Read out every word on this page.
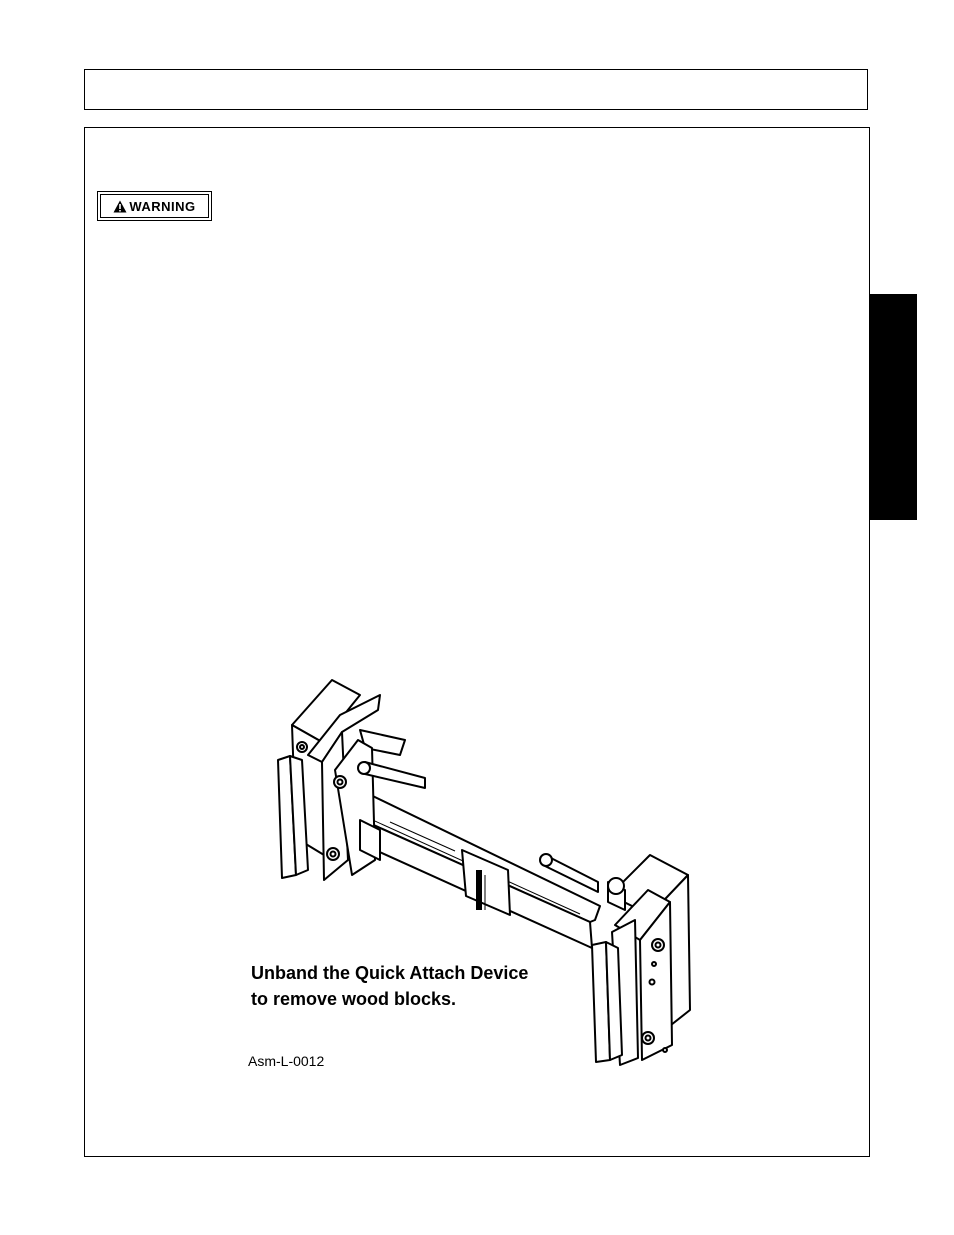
WARNING
Unband the Quick Attach Device
to remove wood blocks.
Asm-L-0012
